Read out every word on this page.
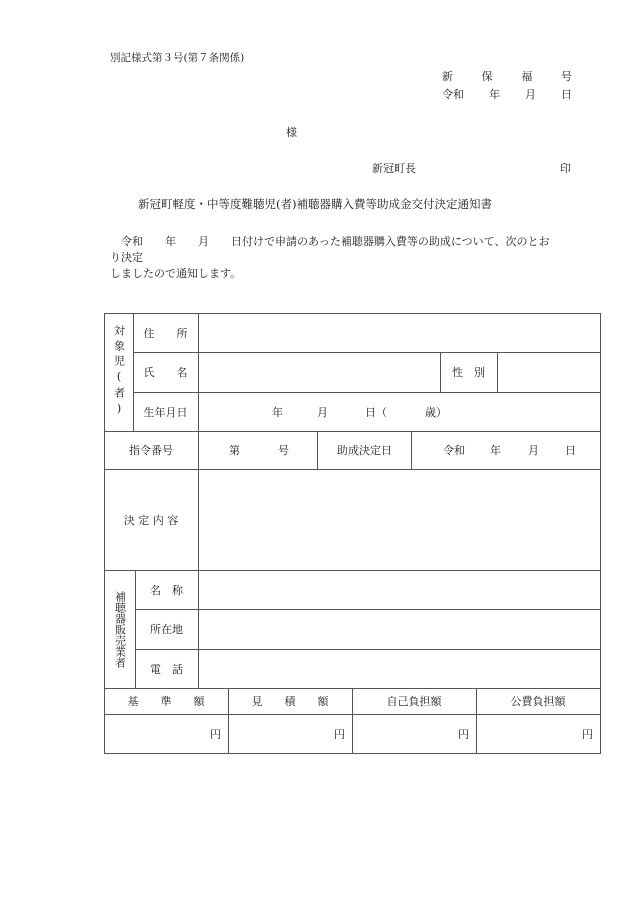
別記様式第３号(第７条関係)
新	保	福	号
令和 年 月 日
様
新冠町長	印
新冠町軽度・中等度難聴児(者)補聴器購入費等助成金交付決定通知書
　令和　　年　　月　　日付けで申請のあった補聴器購入費等の助成について、次のとお
り決定
しましたので通知します。
対象児(者)	住　　所
氏　　名	性　別
生年月日	年	月	日（	歳）
指令番号	第	号	助成決定日	令和 年 月 日
決 定 内 容
補聴器販売業者
名　称
所在地
電　話
基　　準　　額	見　　積　　額	自己負担額	公費負担額
円	円	円	円
